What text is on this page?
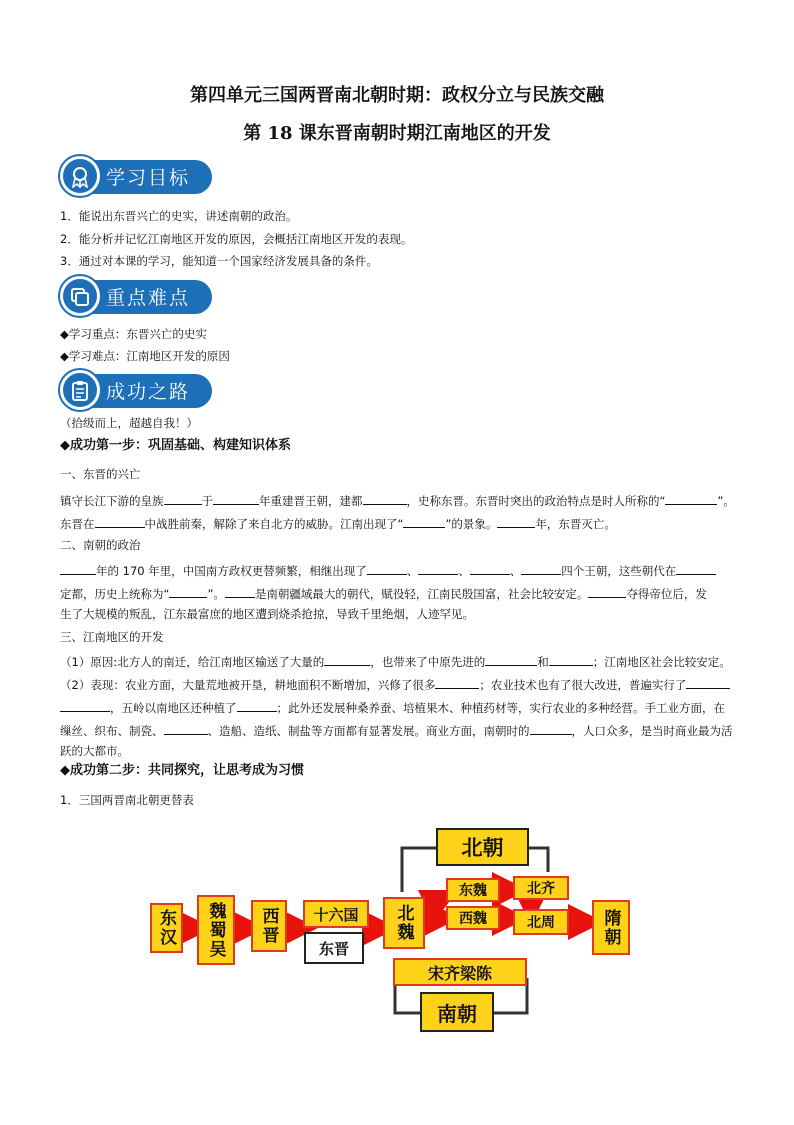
第四单元三国两晋南北朝时期：政权分立与民族交融
第 18 课东晋南朝时期江南地区的开发
学习目标
1．能说出东晋兴亡的史实，讲述南朝的政治。
2．能分析并记忆江南地区开发的原因，会概括江南地区开发的表现。
3．通过对本课的学习，能知道一个国家经济发展具备的条件。
重点难点
◆学习重点：东晋兴亡的史实
◆学习难点：江南地区开发的原因
成功之路
（拾级而上，超越自我！）
◆成功第一步：巩固基础、构建知识体系
一、东晋的兴亡
镇守长江下游的皇族	于	年重建晋王朝，建都	，史称东晋。东晋时突出的政治特点是时人所称的“	”。
东晋在	中战胜前秦，解除了来自北方的威胁。江南出现了“	”的景象。	年，东晋灭亡。
二、南朝的政治
年的 170 年里，中国南方政权更替频繁，相继出现了	、	、	、	四个王朝，这些朝代在
定都，历史上统称为“	”。	是南朝疆域最大的朝代，赋役轻，江南民殷国富，社会比较安定。	夺得帝位后，发
生了大规模的叛乱，江东最富庶的地区遭到烧杀抢掠，导致千里绝烟，人迹罕见。
三、江南地区的开发
（1）原因:北方人的南迁，给江南地区输送了大量的	，也带来了中原先进的	和	；江南地区社会比较安定。
（2）表现：农业方面，大量荒地被开垦，耕地面积不断增加，兴修了很多	；农业技术也有了很大改进，普遍实行了
，五岭以南地区还种植了	；此外还发展种桑养蚕、培植果木、种植药材等，实行农业的多种经营。手工业方面，在
缫丝、织布、制瓷、	、造船、造纸、制盐等方面都有显著发展。商业方面，南朝时的	，人口众多，是当时商业最为活
跃的大都市。
◆成功第二步：共同探究，让思考成为习惯
1．三国两晋南北朝更替表
东汉	魏蜀吴	西晋	十六国
东晋
北魏
北朝
东魏
西魏
北齐
北周	隋朝
宋齐梁陈
南朝
